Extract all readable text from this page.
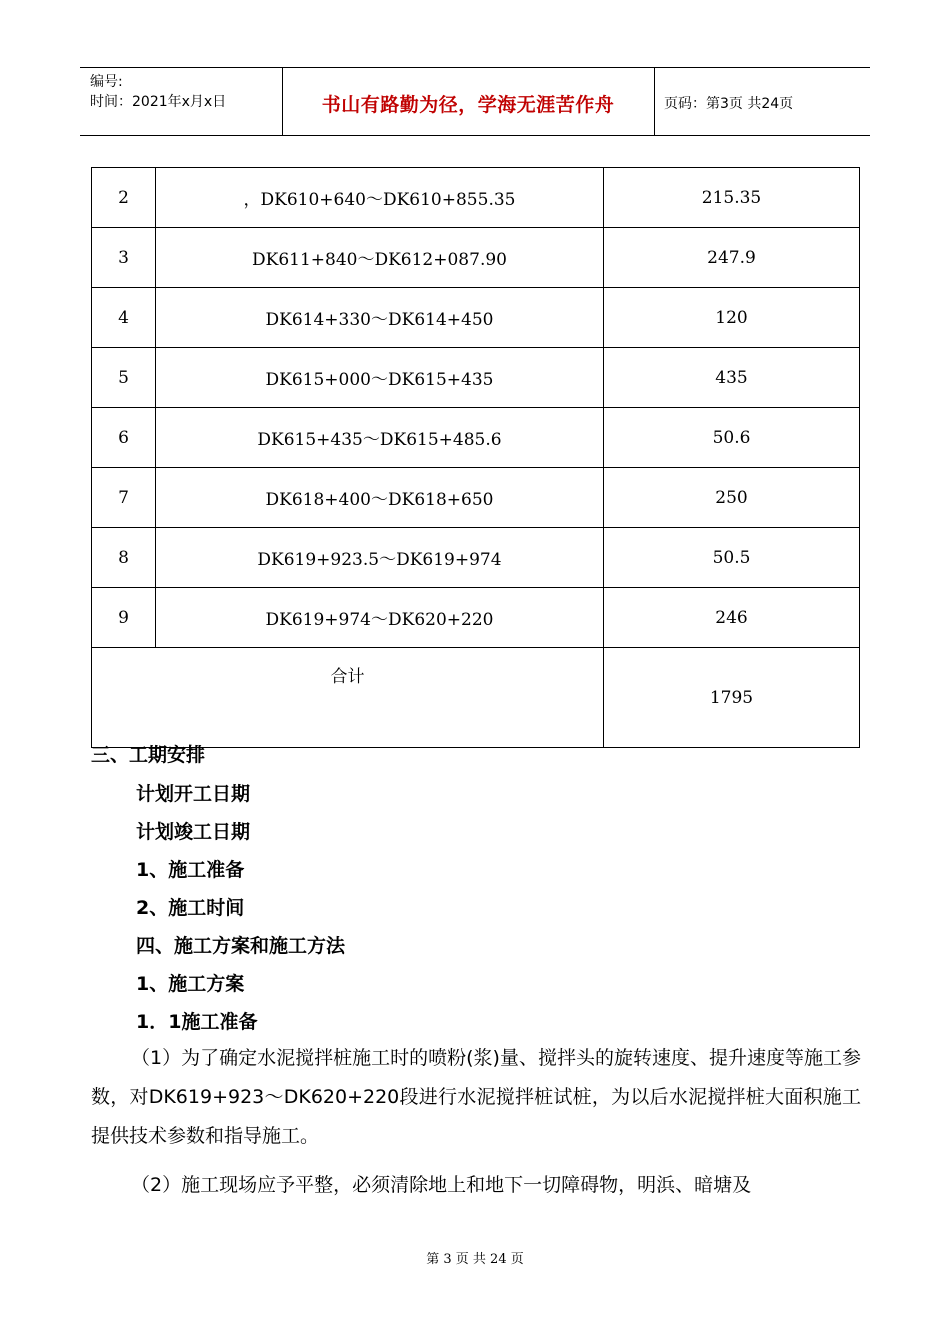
编号:
时间：2021年x月x日	书山有路勤为径，学海无涯苦作舟	页码：第3页 共24页
2	，DK610+640～DK610+855.35	215.35
3	DK611+840～DK612+087.90	247.9
4	DK614+330～DK614+450	120
5	DK615+000～DK615+435	435
6	DK615+435～DK615+485.6	50.6
7	DK618+400～DK618+650	250
8	DK619+923.5～DK619+974	50.5
9	DK619+974～DK620+220	246
合计		1795
三、工期安排
计划开工日期
计划竣工日期
1、施工准备
2、施工时间
四、施工方案和施工方法
1、施工方案
1．1施工准备
（1）为了确定水泥搅拌桩施工时的喷粉(浆)量、搅拌头的旋转速度、提升速度等施工参数，对DK619+923～DK620+220段进行水泥搅拌桩试桩，为以后水泥搅拌桩大面积施工提供技术参数和指导施工。
（2）施工现场应予平整，必须清除地上和地下一切障碍物，明浜、暗塘及
第 3 页 共 24 页
